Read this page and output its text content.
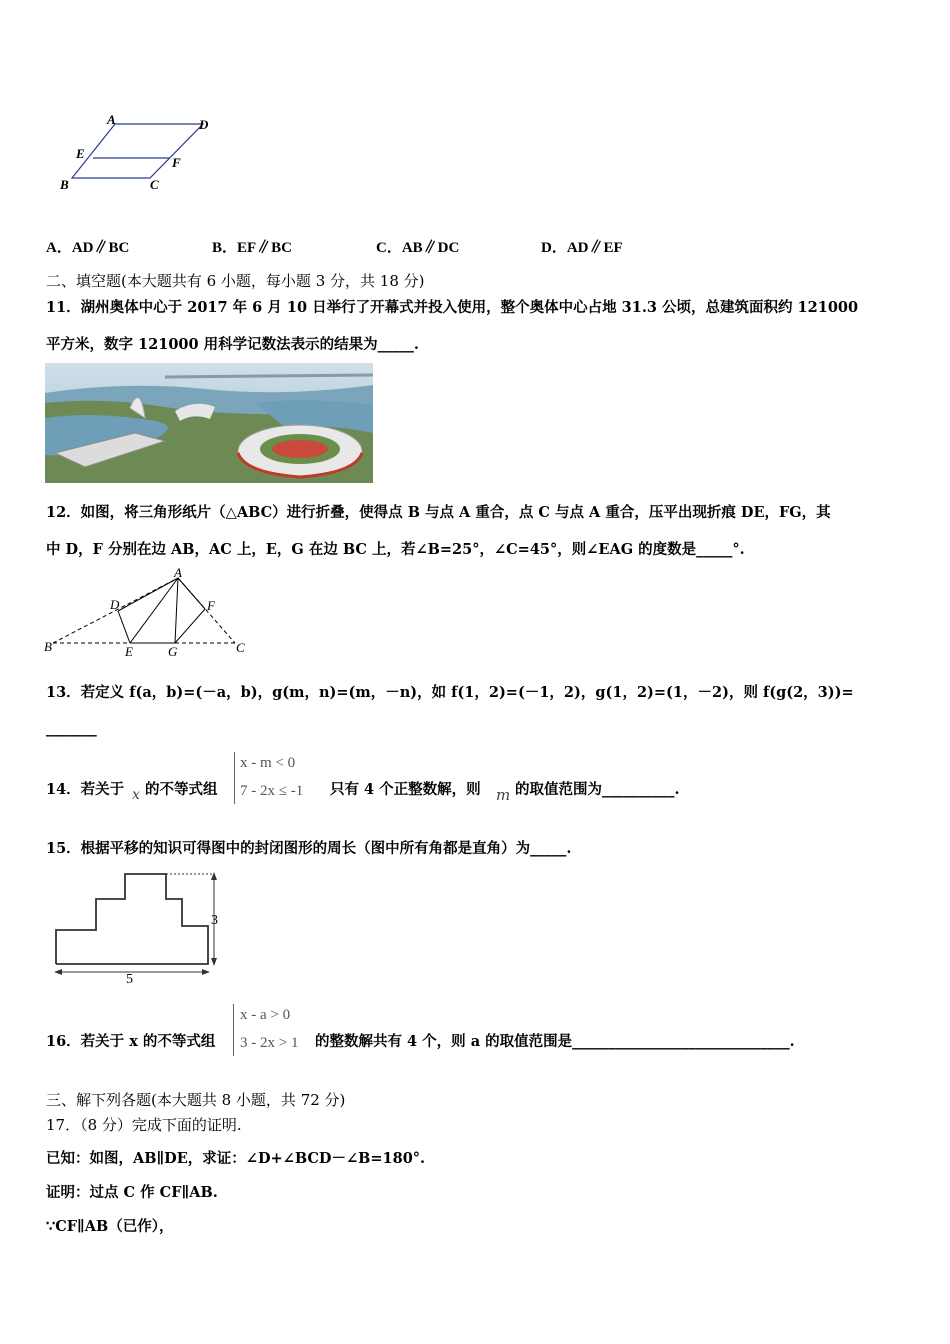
A	D
E
F
B	C
A．AD∥BC	B．EF∥BC	C．AB∥DC	D．AD∥EF
二、填空题(本大题共有 6 小题，每小题 3 分，共 18 分)
11．湖州奥体中心于 2017 年 6 月 10 日举行了开幕式并投入使用，整个奥体中心占地 31.3 公顷，总建筑面积约 121000
平方米，数字 121000 用科学记数法表示的结果为_____.
12．如图，将三角形纸片（△ABC）进行折叠，使得点 B 与点 A 重合，点 C 与点 A 重合，压平出现折痕 DE，FG，其
中 D，F 分别在边 AB，AC 上，E，G 在边 BC 上，若∠B=25°，∠C=45°，则∠EAG 的度数是_____°.
A
D	F
B	E	G	C
13．若定义 f(a，b)=(－a，b)，g(m，n)=(m，－n)，如 f(1，2)=(－1，2)，g(1，2)=(1，－2)，则 f(g(2，3))=
_______
14．若关于 x 的不等式组
x - m < 0
7 - 2x ≤ -1 只有 4 个正整数解，则 m 的取值范围为__________.
15．根据平移的知识可得图中的封闭图形的周长（图中所有角都是直角）为_____.
3
5
16．若关于 x 的不等式组
x - a > 0
3 - 2x > 1 的整数解共有 4 个，则 a 的取值范围是______________________________.
三、解下列各题(本大题共 8 小题，共 72 分)
17．（8 分）完成下面的证明.
已知：如图，AB∥DE，求证：∠D+∠BCD－∠B=180°.
证明：过点 C 作 CF∥AB.
∵CF∥AB（已作），
